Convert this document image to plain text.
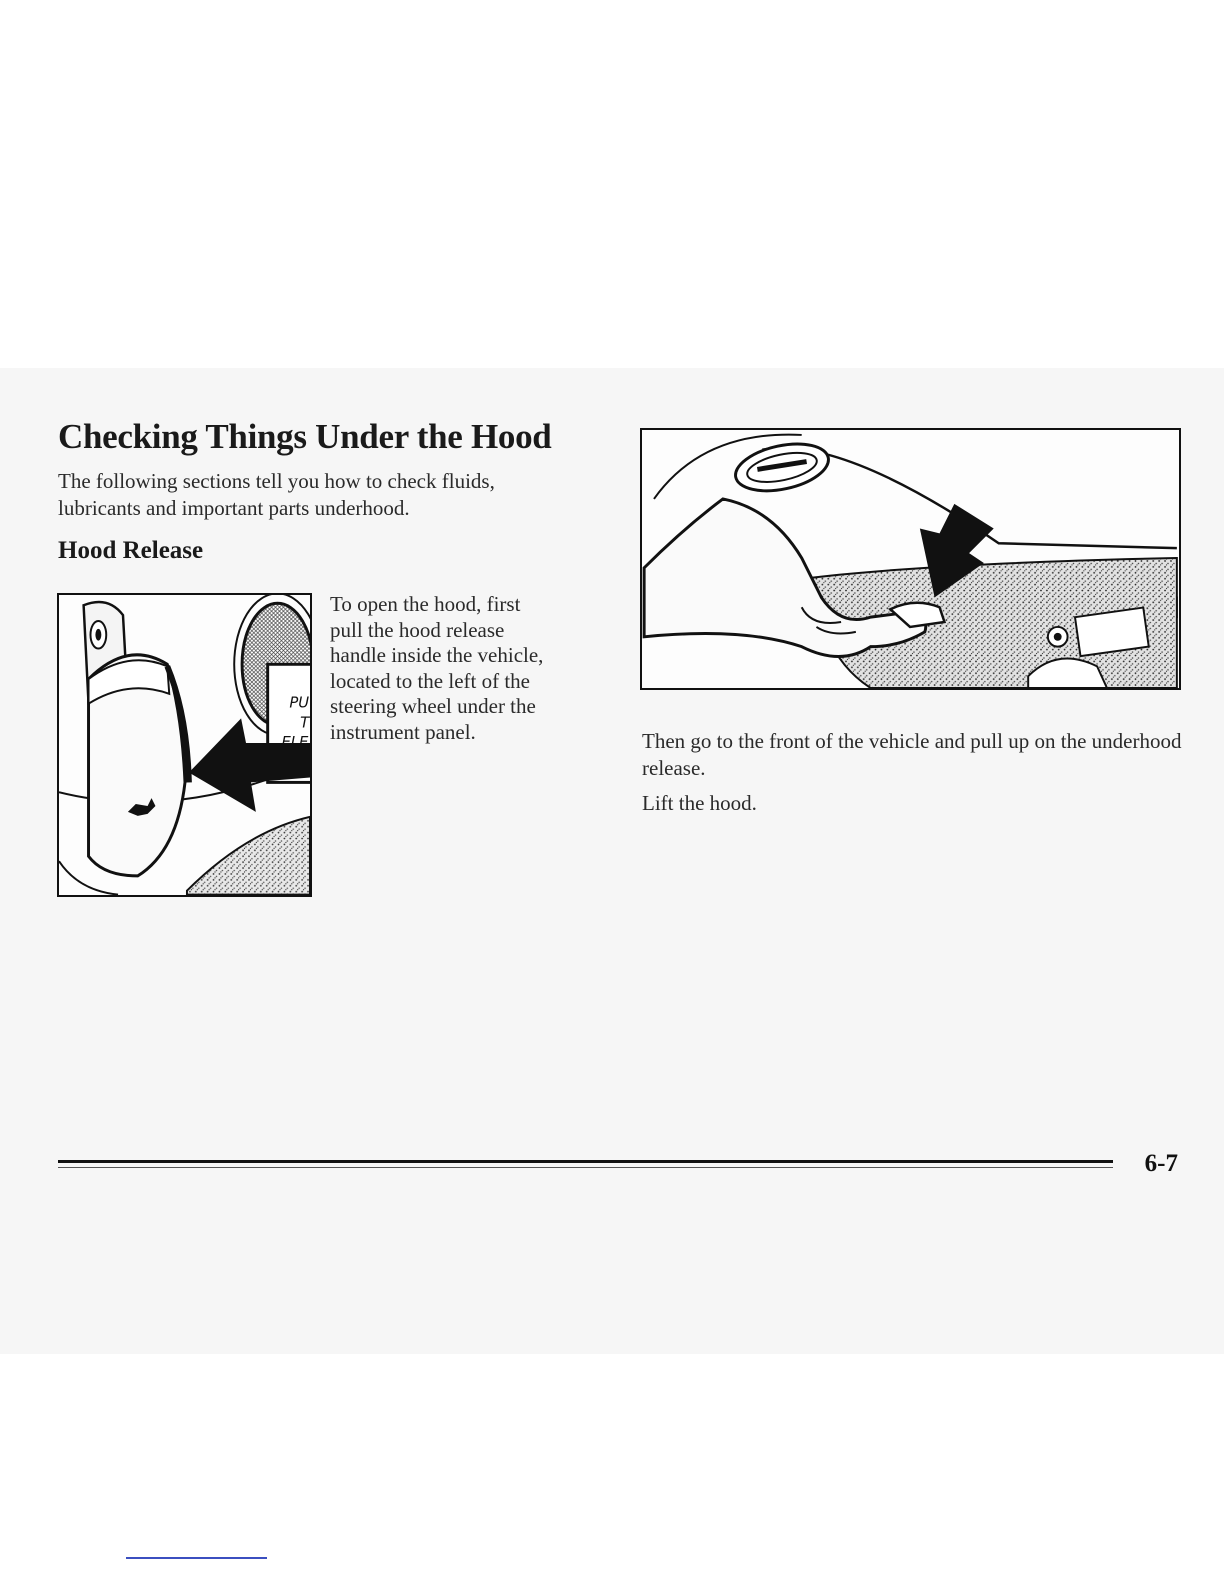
Checking Things Under the Hood

The following sections tell you how to check fluids, lubricants and important parts underhood.

Hood Release
PU
T
ELE

To open the hood, first pull the hood release handle inside the vehicle, located to the left of the steering wheel under the instrument panel.	Then go to the front of the vehicle and pull up on the underhood release.

Lift the hood.

6-7
